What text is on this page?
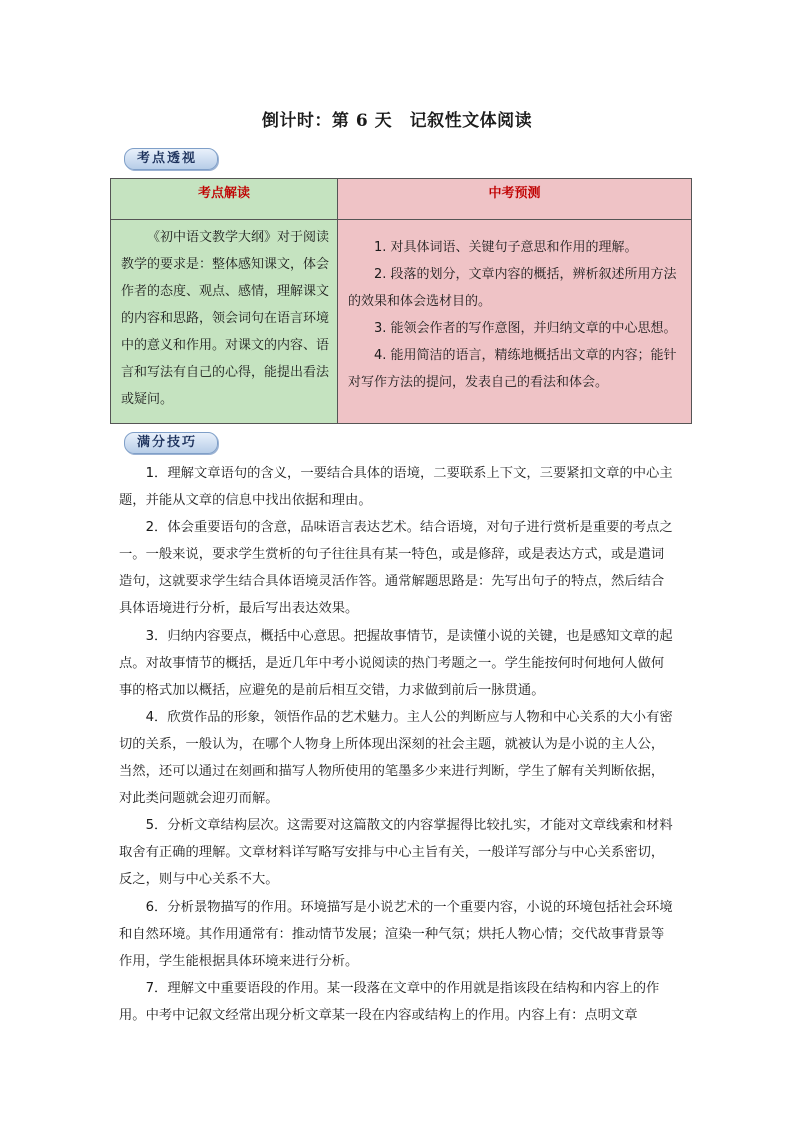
倒计时：第 6 天　记叙性文体阅读
考点透视
考点解读	中考预测
《初中语文教学大纲》对于阅读教学的要求是：整体感知课文，体会作者的态度、观点、感情，理解课文的内容和思路，领会词句在语言环境中的意义和作用。对课文的内容、语言和写法有自己的心得，能提出看法或疑问。	1. 对具体词语、关键句子意思和作用的理解。

2. 段落的划分，文章内容的概括，辨析叙述所用方法的效果和体会选材目的。

3. 能领会作者的写作意图，并归纳文章的中心思想。

4. 能用简洁的语言，精练地概括出文章的内容；能针对写作方法的提问，发表自己的看法和体会。

满分技巧

1．理解文章语句的含义，一要结合具体的语境，二要联系上下文，三要紧扣文章的中心主题，并能从文章的信息中找出依据和理由。

2．体会重要语句的含意，品味语言表达艺术。结合语境，对句子进行赏析是重要的考点之一。一般来说，要求学生赏析的句子往往具有某一特色，或是修辞，或是表达方式，或是遣词造句，这就要求学生结合具体语境灵活作答。通常解题思路是：先写出句子的特点，然后结合具体语境进行分析，最后写出表达效果。

3．归纳内容要点，概括中心意思。把握故事情节，是读懂小说的关键，也是感知文章的起点。对故事情节的概括，是近几年中考小说阅读的热门考题之一。学生能按何时何地何人做何事的格式加以概括，应避免的是前后相互交错，力求做到前后一脉贯通。

4．欣赏作品的形象，领悟作品的艺术魅力。主人公的判断应与人物和中心关系的大小有密切的关系，一般认为，在哪个人物身上所体现出深刻的社会主题，就被认为是小说的主人公，当然，还可以通过在刻画和描写人物所使用的笔墨多少来进行判断，学生了解有关判断依据，对此类问题就会迎刃而解。

5．分析文章结构层次。这需要对这篇散文的内容掌握得比较扎实，才能对文章线索和材料取舍有正确的理解。文章材料详写略写安排与中心主旨有关，一般详写部分与中心关系密切，反之，则与中心关系不大。

6．分析景物描写的作用。环境描写是小说艺术的一个重要内容，小说的环境包括社会环境和自然环境。其作用通常有：推动情节发展；渲染一种气氛；烘托人物心情；交代故事背景等作用，学生能根据具体环境来进行分析。

7．理解文中重要语段的作用。某一段落在文章中的作用就是指该段在结构和内容上的作用。中考中记叙文经常出现分析文章某一段在内容或结构上的作用。内容上有：点明文章
